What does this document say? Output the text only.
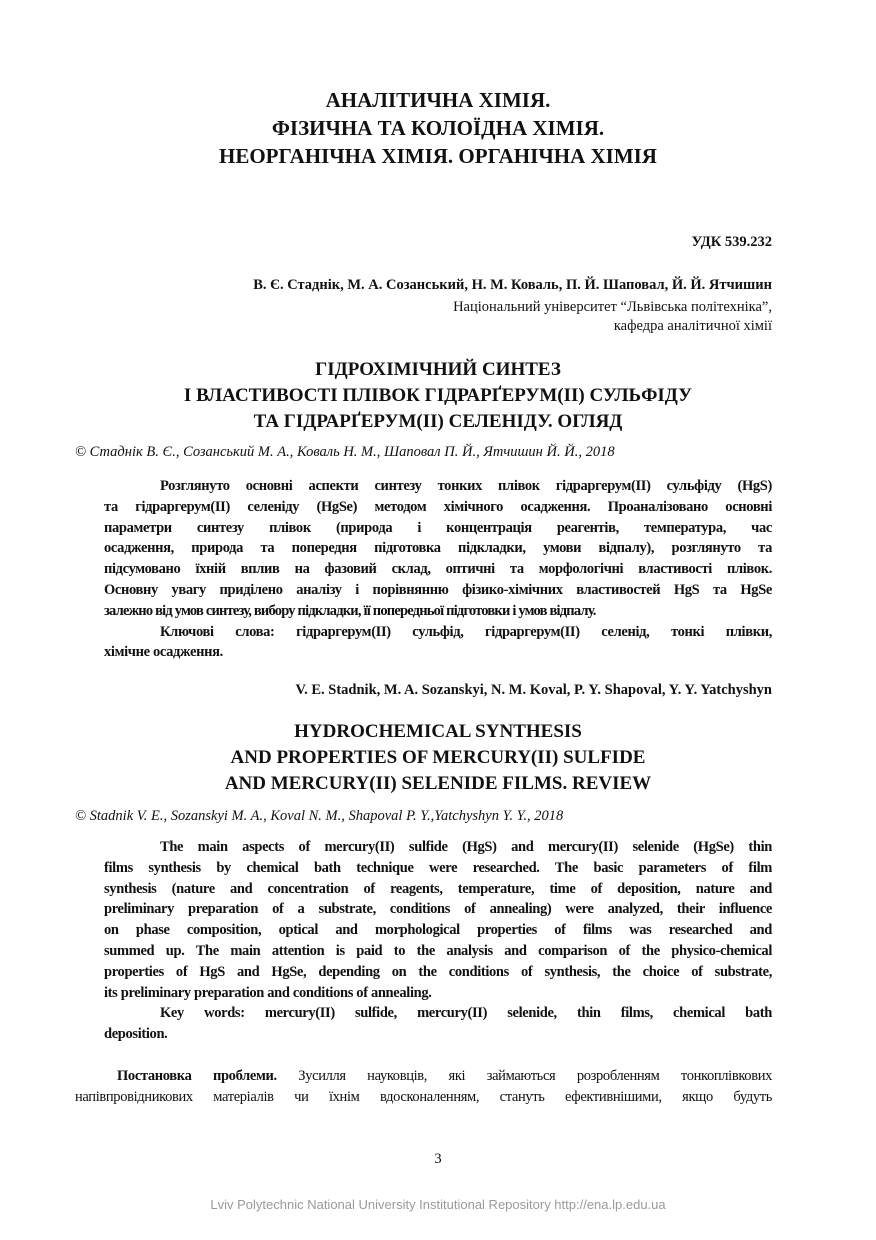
АНАЛІТИЧНА ХІМІЯ.
ФІЗИЧНА ТА КОЛОЇДНА ХІМІЯ.
НЕОРГАНІЧНА ХІМІЯ. ОРГАНІЧНА ХІМІЯ
УДК 539.232
В. Є. Стаднік, М. А. Созанський, Н. М. Коваль, П. Й. Шаповал, Й. Й. Ятчишин
Національний університет “Львівська політехніка”,
кафедра аналітичної хімії
ГІДРОХІМІЧНИЙ СИНТЕЗ
І ВЛАСТИВОСТІ ПЛІВОК ГІДРАРҐЕРУМ(ІІ) СУЛЬФІДУ
ТА ГІДРАРҐЕРУМ(ІІ) СЕЛЕНІДУ. ОГЛЯД
© Стаднік В. Є., Созанський М. А., Коваль Н. М., Шаповал П. Й., Ятчишин Й. Й., 2018
Розглянуто основні аспекти синтезу тонких плівок гідраргерум(ІІ) сульфіду (HgS)
та гідраргерум(ІІ) селеніду (HgSe) методом хімічного осадження. Проаналізовано основні
параметри синтезу плівок (природа і концентрація реагентів, температура, час
осадження, природа та попередня підготовка підкладки, умови відпалу), розглянуто та
підсумовано їхній вплив на фазовий склад, оптичні та морфологічні властивості плівок.
Основну увагу приділено аналізу і порівнянню фізико-хімічних властивостей HgS та HgSe
залежно від умов синтезу, вибору підкладки, її попередньої підготовки і умов відпалу.
Ключові слова: гідраргерум(ІІ) сульфід, гідраргерум(ІІ) селенід, тонкі плівки,
хімічне осадження.
V. E. Stadnik, M. A. Sozanskyi, N. M. Koval, P. Y. Shapoval, Y. Y. Yatchyshyn
HYDROCHEMICAL SYNTHESIS
AND PROPERTIES OF MERCURY(II) SULFIDE
AND MERCURY(II) SELENIDE FILMS. REVIEW
© Stadnik V. E., Sozanskyi M. A., Koval N. M., Shapoval P. Y.,Yatchyshyn Y. Y., 2018
The main aspects of mercury(II) sulfide (HgS) and mercury(II) selenide (HgSe) thin
films synthesis by chemical bath technique were researched. The basic parameters of film
synthesis (nature and concentration of reagents, temperature, time of deposition, nature and
preliminary preparation of a substrate, conditions of annealing) were analyzed, their influence
on phase composition, optical and morphological properties of films was researched and
summed up. The main attention is paid to the analysis and comparison of the physico-chemical
properties of HgS and HgSe, depending on the conditions of synthesis, the choice of substrate,
its preliminary preparation and conditions of annealing.
Key words: mercury(II) sulfide, mercury(II) selenide, thin films, chemical bath
deposition.
Постановка проблеми. Зусилля науковців, які займаються розробленням тонкоплівкових
напівпровідникових матеріалів чи їхнім вдосконаленням, стануть ефективнішими, якщо будуть
3
Lviv Polytechnic National University Institutional Repository http://ena.lp.edu.ua
